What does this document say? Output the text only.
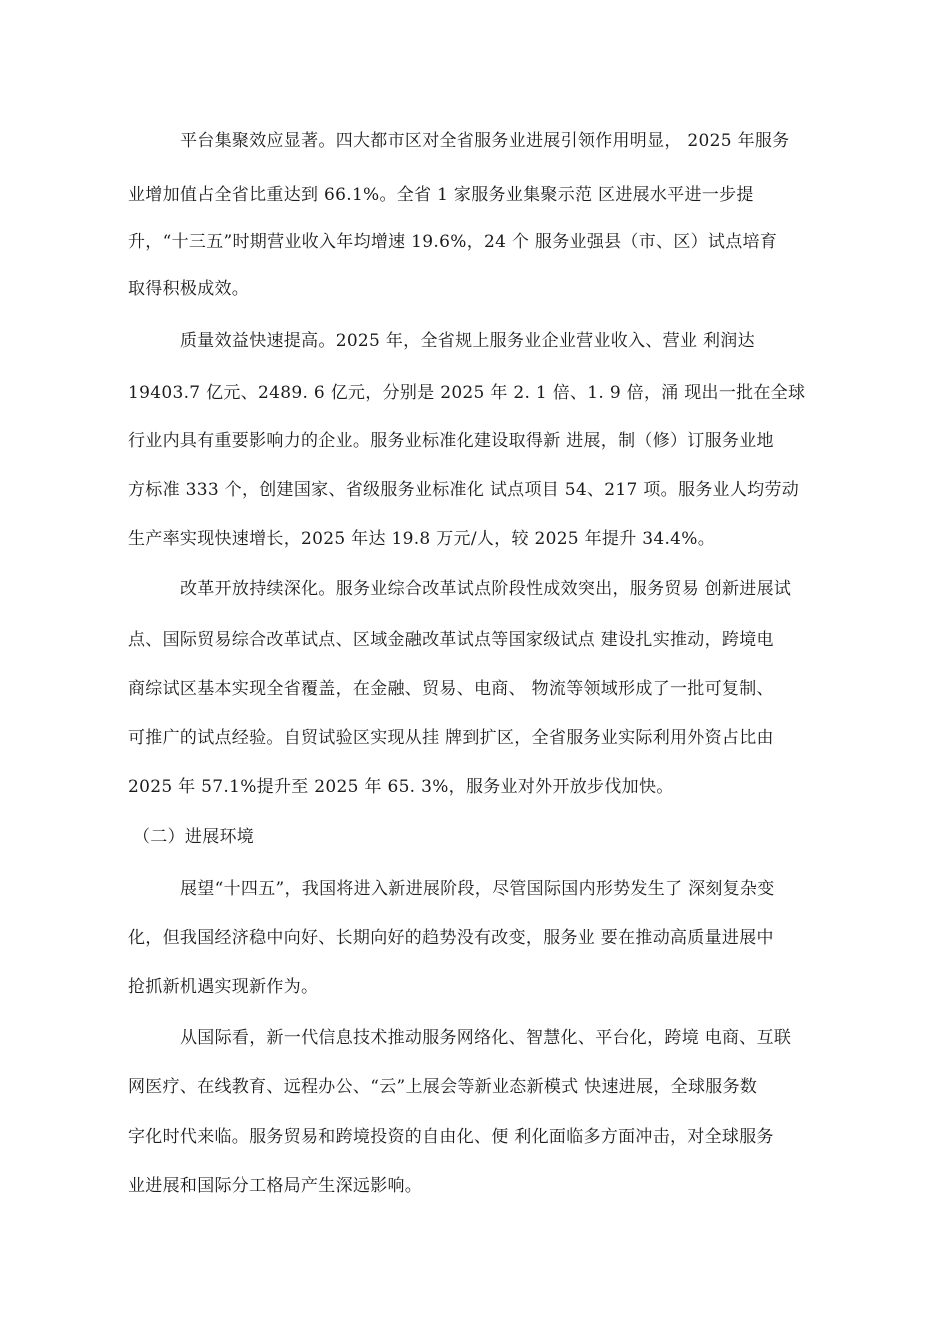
平台集聚效应显著。四大都市区对全省服务业进展引领作用明显， 2025 年服务
业增加值占全省比重达到 66.1%。全省 1 家服务业集聚示范 区进展水平进一步提
升，“十三五”时期营业收入年均增速 19.6%，24 个 服务业强县（市、区）试点培育
取得积极成效。
质量效益快速提高。2025 年，全省规上服务业企业营业收入、营业 利润达
19403.7 亿元、2489. 6 亿元，分别是 2025 年 2. 1 倍、1. 9 倍，涌 现出一批在全球
行业内具有重要影响力的企业。服务业标准化建设取得新 进展，制（修）订服务业地
方标准 333 个，创建国家、省级服务业标准化 试点项目 54、217 项。服务业人均劳动
生产率实现快速增长，2025 年达 19.8 万元/人，较 2025 年提升 34.4%。
改革开放持续深化。服务业综合改革试点阶段性成效突出，服务贸易 创新进展试
点、国际贸易综合改革试点、区域金融改革试点等国家级试点 建设扎实推动，跨境电
商综试区基本实现全省覆盖，在金融、贸易、电商、 物流等领域形成了一批可复制、
可推广的试点经验。自贸试验区实现从挂 牌到扩区，全省服务业实际利用外资占比由
2025 年 57.1%提升至 2025 年 65. 3%，服务业对外开放步伐加快。
（二）进展环境
展望“十四五”，我国将进入新进展阶段，尽管国际国内形势发生了 深刻复杂变
化，但我国经济稳中向好、长期向好的趋势没有改变，服务业 要在推动高质量进展中
抢抓新机遇实现新作为。
从国际看，新一代信息技术推动服务网络化、智慧化、平台化，跨境 电商、互联
网医疗、在线教育、远程办公、“云”上展会等新业态新模式 快速进展，全球服务数
字化时代来临。服务贸易和跨境投资的自由化、便 利化面临多方面冲击，对全球服务
业进展和国际分工格局产生深远影响。
